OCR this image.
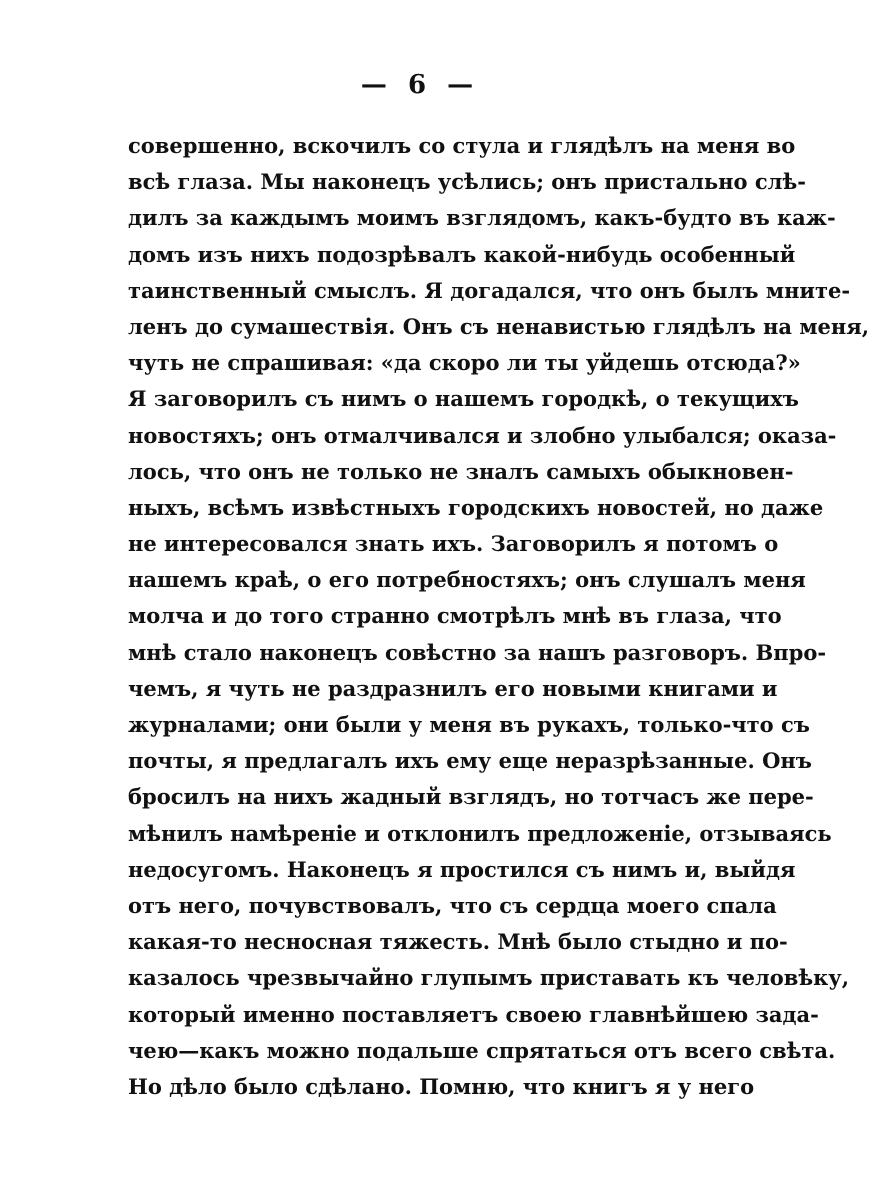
— 6 —
совершенно, вскочилъ со стула и глядѣлъ на меня во
всѣ глаза. Мы наконецъ усѣлись; онъ пристально слѣ-
дилъ за каждымъ моимъ взглядомъ, какъ-будто въ каж-
домъ изъ нихъ подозрѣвалъ какой-нибудь особенный
таинственный смыслъ. Я догадался, что онъ былъ мните-
ленъ до сумашествія. Онъ съ ненавистью глядѣлъ на меня,
чуть не спрашивая: «да скоро ли ты уйдешь отсюда?»
Я заговорилъ съ нимъ о нашемъ городкѣ, о текущихъ
новостяхъ; онъ отмалчивался и злобно улыбался; оказа-
лось, что онъ не только не зналъ самыхъ обыкновен-
ныхъ, всѣмъ извѣстныхъ городскихъ новостей, но даже
не интересовался знать ихъ. Заговорилъ я потомъ о
нашемъ краѣ, о его потребностяхъ; онъ слушалъ меня
молча и до того странно смотрѣлъ мнѣ въ глаза, что
мнѣ стало наконецъ совѣстно за нашъ разговоръ. Впро-
чемъ, я чуть не раздразнилъ его новыми книгами и
журналами; они были у меня въ рукахъ, только-что съ
почты, я предлагалъ ихъ ему еще неразрѣзанные. Онъ
бросилъ на нихъ жадный взглядъ, но тотчасъ же пере-
мѣнилъ намѣреніе и отклонилъ предложеніе, отзываясь
недосугомъ. Наконецъ я простился съ нимъ и, выйдя
отъ него, почувствовалъ, что съ сердца моего спала
какая-то несносная тяжесть. Мнѣ было стыдно и по-
казалось чрезвычайно глупымъ приставать къ человѣку,
который именно поставляетъ своею главнѣйшею зада-
чею—какъ можно подальше спрятаться отъ всего свѣта.
Но дѣло было сдѣлано. Помню, что книгъ я у него
